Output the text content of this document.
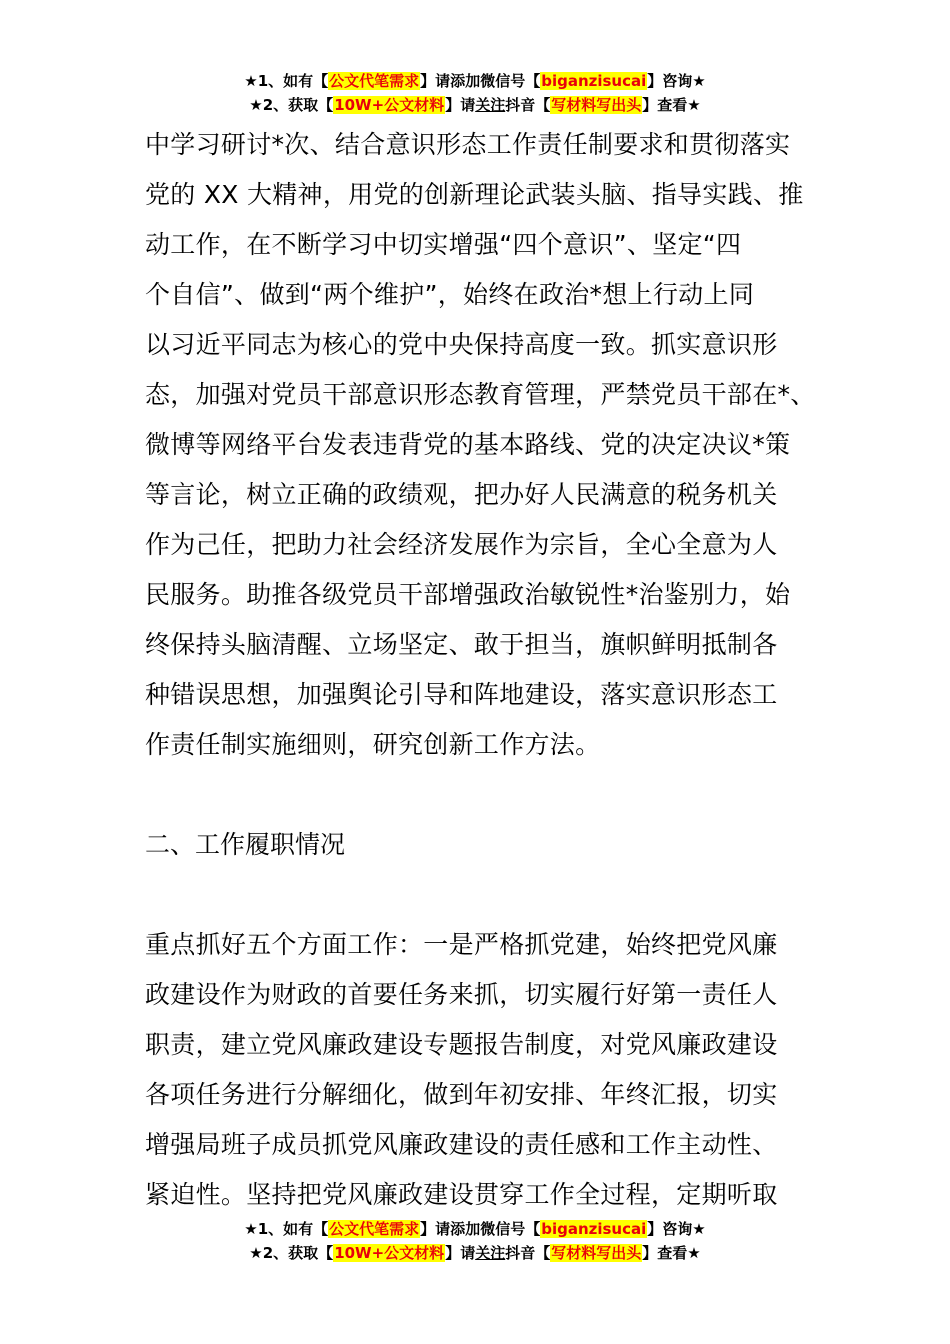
★1、如有【公文代笔需求】请添加微信号【biganzisucai】咨询★
★2、获取【10W+公文材料】请关注抖音【写材料写出头】查看★

中学习研讨*次、结合意识形态工作责任制要求和贯彻落实
党的 XX 大精神，用党的创新理论武装头脑、指导实践、推
动工作，在不断学习中切实增强“四个意识”、坚定“四
个自信”、做到“两个维护”，始终在政治*想上行动上同
以习近平同志为核心的党中央保持高度一致。抓实意识形
态，加强对党员干部意识形态教育管理，严禁党员干部在*、
微博等网络平台发表违背党的基本路线、党的决定决议*策
等言论，树立正确的政绩观，把办好人民满意的税务机关
作为己任，把助力社会经济发展作为宗旨，全心全意为人
民服务。助推各级党员干部增强政治敏锐性*治鉴别力，始
终保持头脑清醒、立场坚定、敢于担当，旗帜鲜明抵制各
种错误思想，加强舆论引导和阵地建设，落实意识形态工
作责任制实施细则，研究创新工作方法。

二、工作履职情况

重点抓好五个方面工作：一是严格抓党建，始终把党风廉
政建设作为财政的首要任务来抓，切实履行好第一责任人
职责，建立党风廉政建设专题报告制度，对党风廉政建设
各项任务进行分解细化，做到年初安排、年终汇报，切实
增强局班子成员抓党风廉政建设的责任感和工作主动性、
紧迫性。坚持把党风廉政建设贯穿工作全过程，定期听取

★1、如有【公文代笔需求】请添加微信号【biganzisucai】咨询★
★2、获取【10W+公文材料】请关注抖音【写材料写出头】查看★
